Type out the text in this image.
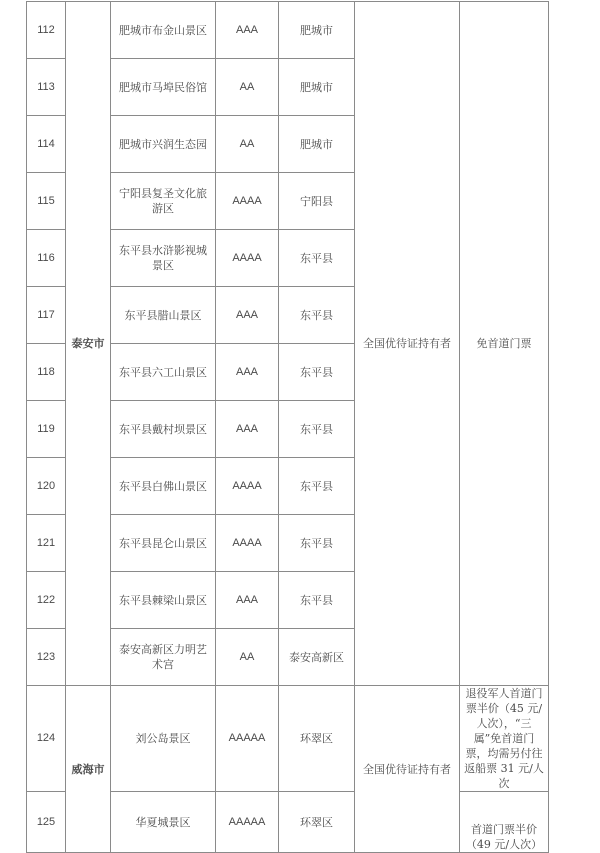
112	泰安市	肥城市布金山景区	AAA	肥城市	全国优待证持有者	免首道门票
113		肥城市马埠民俗馆	AA	肥城市		
114		肥城市兴润生态园	AA	肥城市		
115		宁阳县复圣文化旅游区	AAAA	宁阳县		
116		东平县水浒影视城景区	AAAA	东平县		
117		东平县腊山景区	AAA	东平县		
118		东平县六工山景区	AAA	东平县		
119		东平县戴村坝景区	AAA	东平县		
120		东平县白佛山景区	AAAA	东平县		
121		东平县昆仑山景区	AAAA	东平县		
122		东平县棘梁山景区	AAA	东平县		
123		泰安高新区力明艺术宫	AA	泰安高新区		
124	威海市	刘公岛景区	AAAAA	环翠区	全国优待证持有者	退役军人首道门票半价（45 元/人次），“三属”免首道门票，均需另付往返船票 31 元/人次
125		华夏城景区	AAAAA	环翠区		首道门票半价（49 元/人次）
